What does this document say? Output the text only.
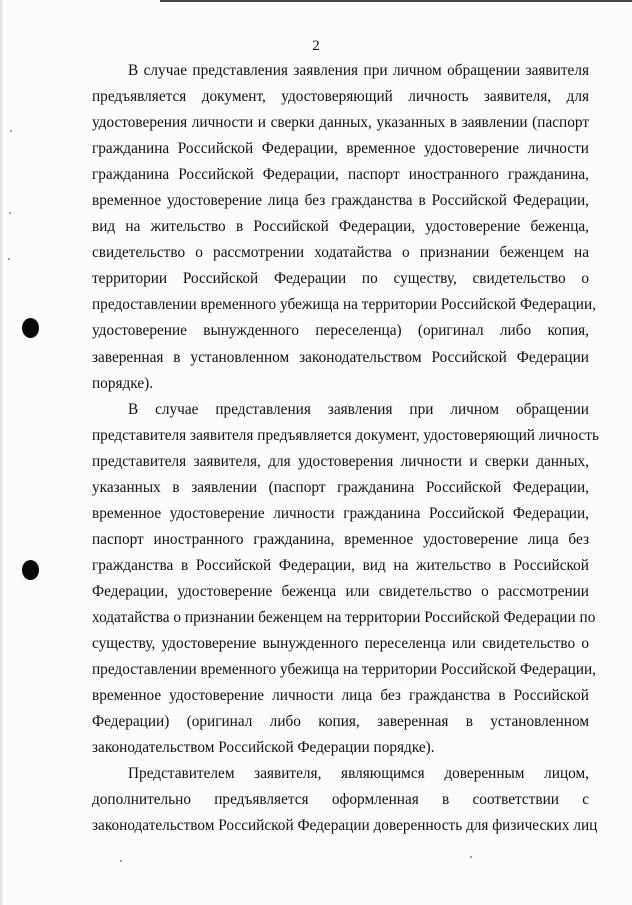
2
В случае представления заявления при личном обращении заявителя
предъявляется документ, удостоверяющий личность заявителя, для
удостоверения личности и сверки данных, указанных в заявлении (паспорт
гражданина Российской Федерации, временное удостоверение личности
гражданина Российской Федерации, паспорт иностранного гражданина,
временное удостоверение лица без гражданства в Российской Федерации,
вид на жительство в Российской Федерации, удостоверение беженца,
свидетельство о рассмотрении ходатайства о признании беженцем на
территории Российской Федерации по существу, свидетельство о
предоставлении временного убежища на территории Российской Федерации,
удостоверение вынужденного переселенца) (оригинал либо копия,
заверенная в установленном законодательством Российской Федерации
порядке).
В случае представления заявления при личном обращении
представителя заявителя предъявляется документ, удостоверяющий личность
представителя заявителя, для удостоверения личности и сверки данных,
указанных в заявлении (паспорт гражданина Российской Федерации,
временное удостоверение личности гражданина Российской Федерации,
паспорт иностранного гражданина, временное удостоверение лица без
гражданства в Российской Федерации, вид на жительство в Российской
Федерации, удостоверение беженца или свидетельство о рассмотрении
ходатайства о признании беженцем на территории Российской Федерации по
существу, удостоверение вынужденного переселенца или свидетельство о
предоставлении временного убежища на территории Российской Федерации,
временное удостоверение личности лица без гражданства в Российской
Федерации) (оригинал либо копия, заверенная в установленном
законодательством Российской Федерации порядке).
Представителем заявителя, являющимся доверенным лицом,
дополнительно предъявляется оформленная в соответствии с
законодательством Российской Федерации доверенность для физических лиц
